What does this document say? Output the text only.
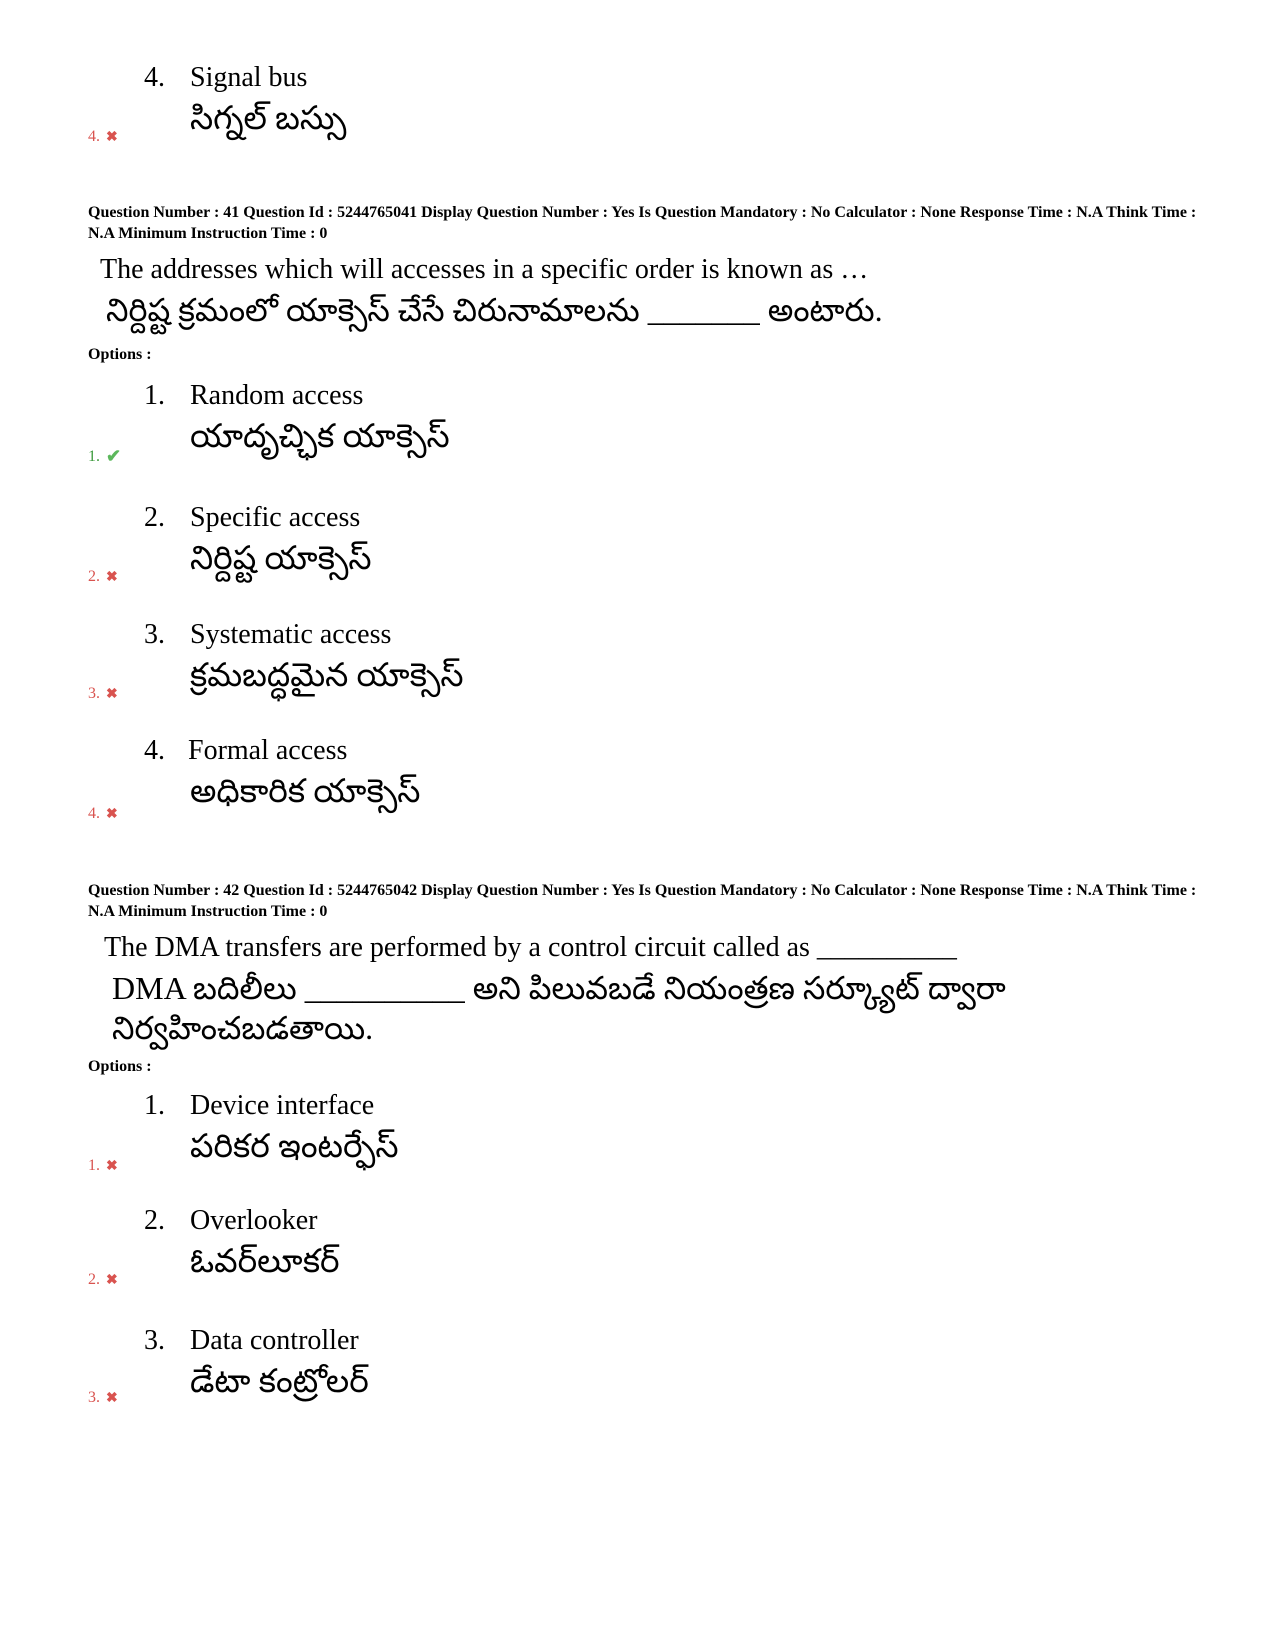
4. Signal bus
సిగ్నల్ బస్సు
4. ✖
Question Number : 41 Question Id : 5244765041 Display Question Number : Yes Is Question Mandatory : No Calculator : None Response Time : N.A Think Time : N.A Minimum Instruction Time : 0
The addresses which will accesses in a specific order is known as …
నిర్దిష్ట క్రమంలో యాక్సెస్ చేసే చిరునామాలను _______ అంటారు.
Options :
1. Random access
యాదృచ్ఛిక యాక్సెస్
1. ✔
2. Specific access
నిర్దిష్ట యాక్సెస్
2. ✖
3. Systematic access
క్రమబద్ధమైన యాక్సెస్
3. ✖
4. Formal access
అధికారిక యాక్సెస్
4. ✖
Question Number : 42 Question Id : 5244765042 Display Question Number : Yes Is Question Mandatory : No Calculator : None Response Time : N.A Think Time : N.A Minimum Instruction Time : 0
The DMA transfers are performed by a control circuit called as __________
DMA బదిలీలు __________ అని పిలువబడే నియంత్రణ సర్క్యూట్ ద్వారా
నిర్వహించబడతాయి.
Options :
1. Device interface
పరికర ఇంటర్ఫేస్
1. ✖
2. Overlooker
ఓవర్‌లూకర్
2. ✖
3. Data controller
డేటా కంట్రోలర్
3. ✖
